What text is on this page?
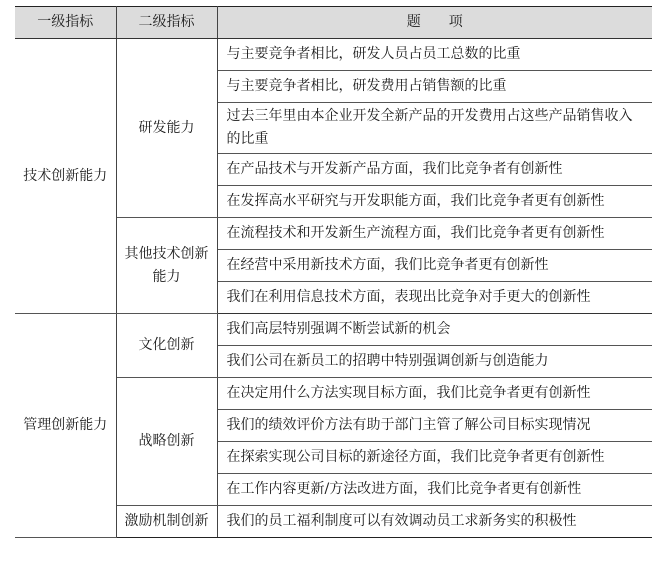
一级指标	二级指标	题　　项
技术创新能力	研发能力	与主要竞争者相比，研发人员占员工总数的比重
		与主要竞争者相比，研发费用占销售额的比重
		过去三年里由本企业开发全新产品的开发费用占这些产品销售收入的比重
		在产品技术与开发新产品方面，我们比竞争者有创新性
		在发挥高水平研究与开发职能方面，我们比竞争者更有创新性
	其他技术创新能力	在流程技术和开发新生产流程方面，我们比竞争者更有创新性
		在经营中采用新技术方面，我们比竞争者更有创新性
		我们在利用信息技术方面，表现出比竞争对手更大的创新性
管理创新能力	文化创新	我们高层特别强调不断尝试新的机会
		我们公司在新员工的招聘中特别强调创新与创造能力
	战略创新	在决定用什么方法实现目标方面，我们比竞争者更有创新性
		我们的绩效评价方法有助于部门主管了解公司目标实现情况
		在探索实现公司目标的新途径方面，我们比竞争者更有创新性
		在工作内容更新/方法改进方面，我们比竞争者更有创新性
	激励机制创新	我们的员工福利制度可以有效调动员工求新务实的积极性
